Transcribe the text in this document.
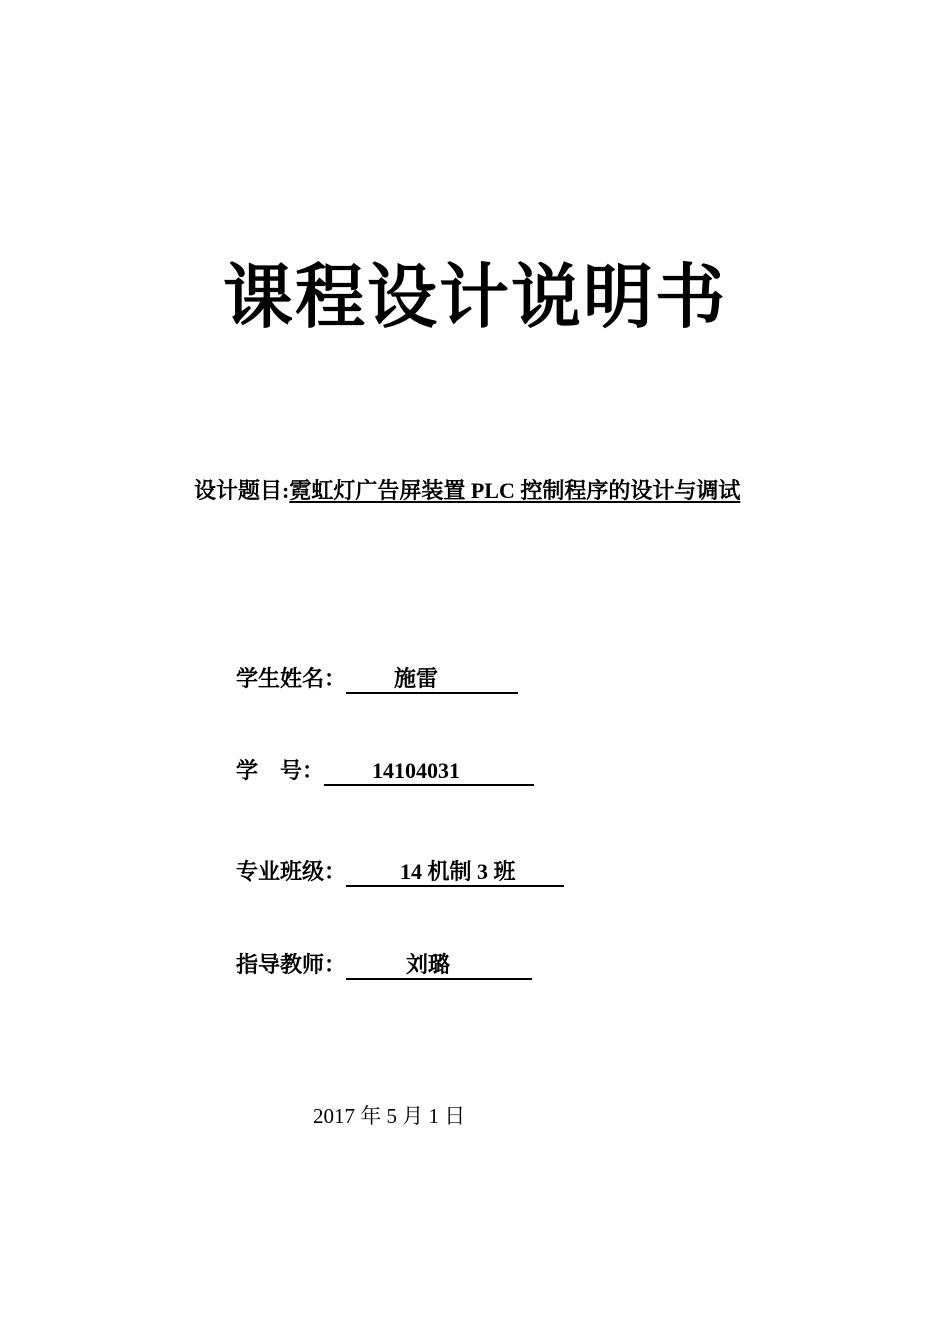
课程设计说明书
设计题目:霓虹灯广告屏装置 PLC 控制程序的设计与调试
学生姓名： 施雷
学　号： 14104031
专业班级： 14 机制 3 班
指导教师：	刘璐
2017 年 5 月 1 日
